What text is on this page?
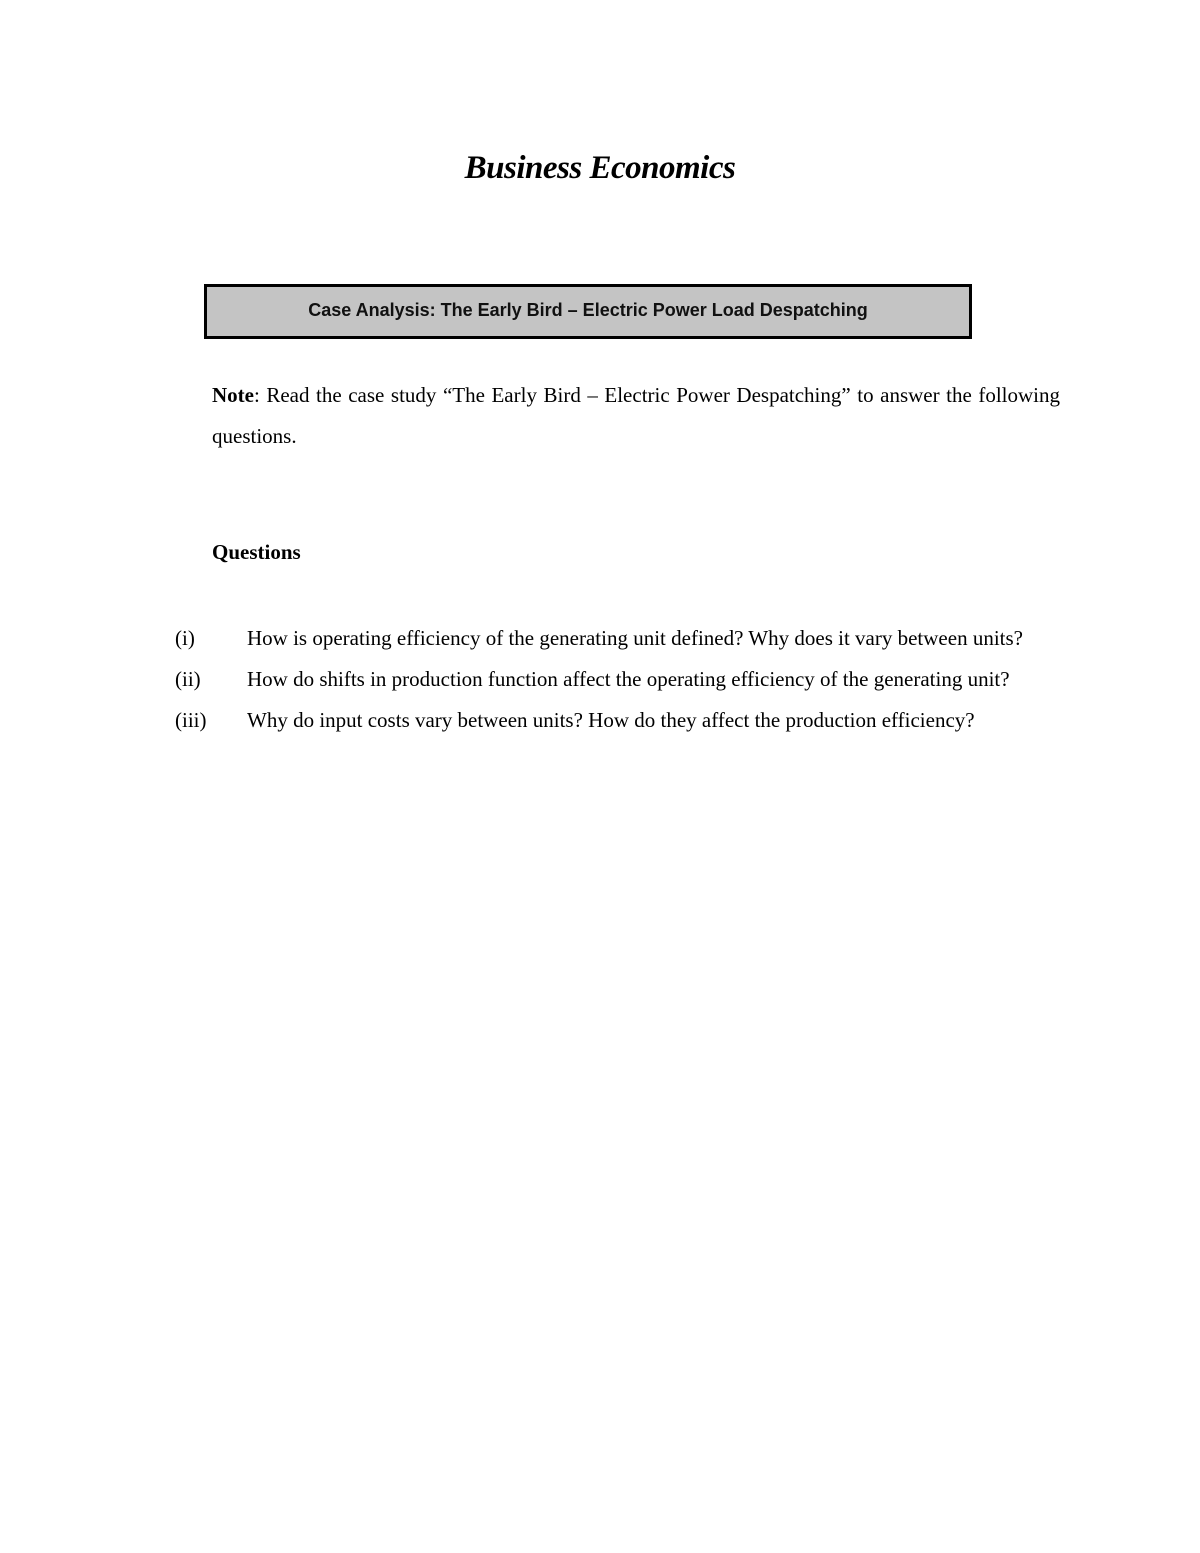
Business Economics
Case Analysis: The Early Bird – Electric Power Load Despatching
Note: Read the case study “The Early Bird – Electric Power Despatching” to answer the following questions.
Questions
(i) How is operating efficiency of the generating unit defined? Why does it vary between units?
(ii) How do shifts in production function affect the operating efficiency of the generating unit?
(iii) Why do input costs vary between units? How do they affect the production efficiency?
